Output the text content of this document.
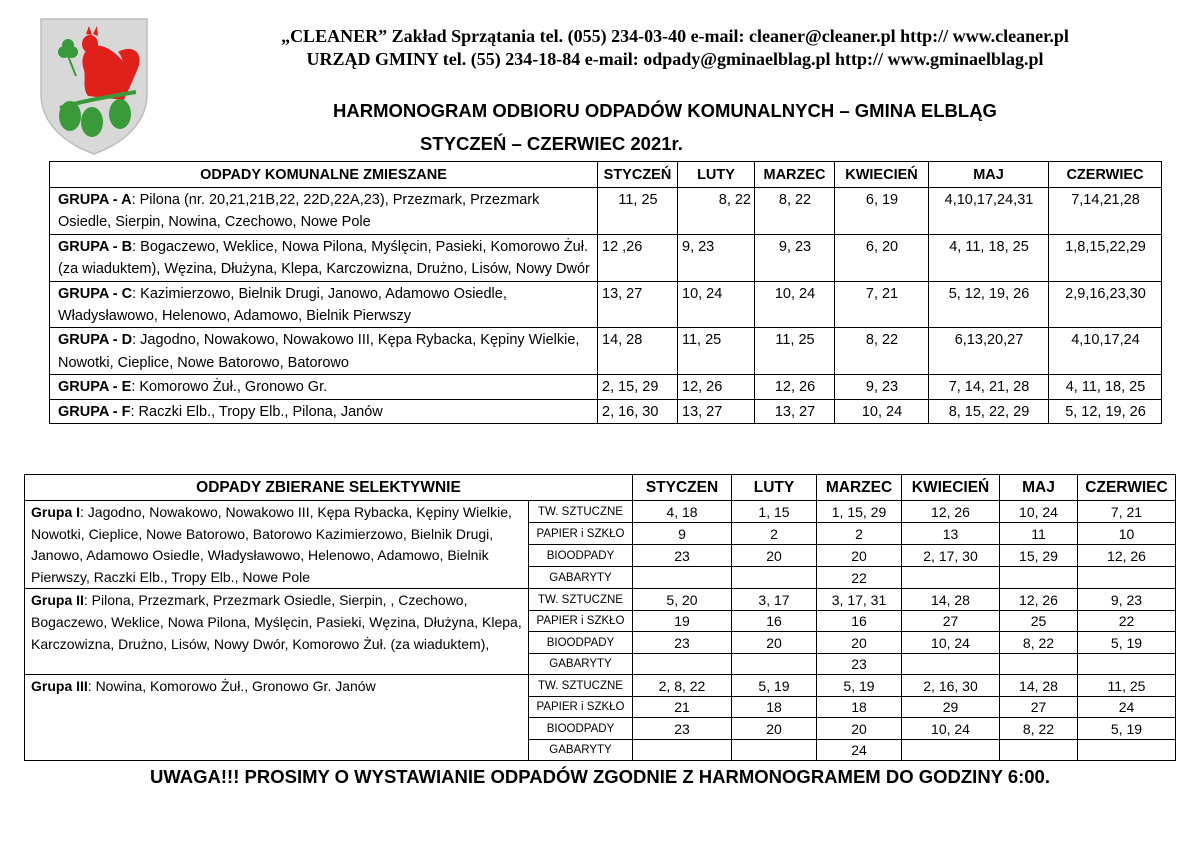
„CLEANER” Zakład Sprzątania tel. (055) 234-03-40 e-mail: cleaner@cleaner.pl http:// www.cleaner.pl
URZĄD GMINY tel. (55) 234-18-84 e-mail: odpady@gminaelblag.pl http:// www.gminaelblag.pl
HARMONOGRAM ODBIORU ODPADÓW KOMUNALNYCH – GMINA ELBLĄG
STYCZEŃ – CZERWIEC 2021r.
ODPADY KOMUNALNE ZMIESZANE	STYCZEŃ	LUTY	MARZEC	KWIECIEŃ	MAJ	CZERWIEC
GRUPA - A: Pilona (nr. 20,21,21B,22, 22D,22A,23), Przezmark, Przezmark Osiedle, Sierpin, Nowina, Czechowo, Nowe Pole	11, 25	8, 22	8, 22	6, 19	4,10,17,24,31	7,14,21,28
GRUPA - B: Bogaczewo, Weklice, Nowa Pilona, Myślęcin, Pasieki, Komorowo Żuł. (za wiaduktem), Węzina, Dłużyna, Klepa, Karczowizna, Drużno, Lisów, Nowy Dwór	12 ,26	9, 23	9, 23	6, 20	4, 11, 18, 25	1,8,15,22,29
GRUPA - C: Kazimierzowo, Bielnik Drugi, Janowo, Adamowo Osiedle, Władysławowo, Helenowo, Adamowo, Bielnik Pierwszy	13, 27	10, 24	10, 24	7, 21	5, 12, 19, 26	2,9,16,23,30
GRUPA - D: Jagodno, Nowakowo, Nowakowo III, Kępa Rybacka, Kępiny Wielkie, Nowotki, Cieplice, Nowe Batorowo, Batorowo	14, 28	11, 25	11, 25	8, 22	6,13,20,27	4,10,17,24
GRUPA - E: Komorowo Żuł., Gronowo Gr.	2, 15, 29	12, 26	12, 26	9, 23	7, 14, 21, 28	4, 11, 18, 25
GRUPA - F: Raczki Elb., Tropy Elb., Pilona, Janów	2, 16, 30	13, 27	13, 27	10, 24	8, 15, 22, 29	5, 12, 19, 26
ODPADY ZBIERANE SELEKTYWNIE		STYCZEN	LUTY	MARZEC	KWIECIEŃ	MAJ	CZERWIEC
Grupa I: Jagodno, Nowakowo, Nowakowo III, Kępa Rybacka, Kępiny Wielkie, Nowotki, Cieplice, Nowe Batorowo, Batorowo Kazimierzowo, Bielnik Drugi, Janowo, Adamowo Osiedle, Władysławowo, Helenowo, Adamowo, Bielnik Pierwszy, Raczki Elb., Tropy Elb., Nowe Pole	TW. SZTUCZNE	4, 18	1, 15	1, 15, 29	12, 26	10, 24	7, 21
	PAPIER i SZKŁO	9	2	2	13	11	10
	BIOODPADY	23	20	20	2, 17, 30	15, 29	12, 26
	GABARYTY			22			
Grupa II: Pilona, Przezmark, Przezmark Osiedle, Sierpin, , Czechowo, Bogaczewo, Weklice, Nowa Pilona, Myślęcin, Pasieki, Węzina, Dłużyna, Klepa, Karczowizna, Drużno, Lisów, Nowy Dwór, Komorowo Żuł. (za wiaduktem),	TW. SZTUCZNE	5, 20	3, 17	3, 17, 31	14, 28	12, 26	9, 23
	PAPIER i SZKŁO	19	16	16	27	25	22
	BIOODPADY	23	20	20	10, 24	8, 22	5, 19
	GABARYTY			23			
Grupa III: Nowina, Komorowo Żuł., Gronowo Gr. Janów	TW. SZTUCZNE	2, 8, 22	5, 19	5, 19	2, 16, 30	14, 28	11, 25
	PAPIER i SZKŁO	21	18	18	29	27	24
	BIOODPADY	23	20	20	10, 24	8, 22	5, 19
	GABARYTY			24			
UWAGA!!! PROSIMY O WYSTAWIANIE ODPADÓW ZGODNIE Z HARMONOGRAMEM DO GODZINY 6:00.
